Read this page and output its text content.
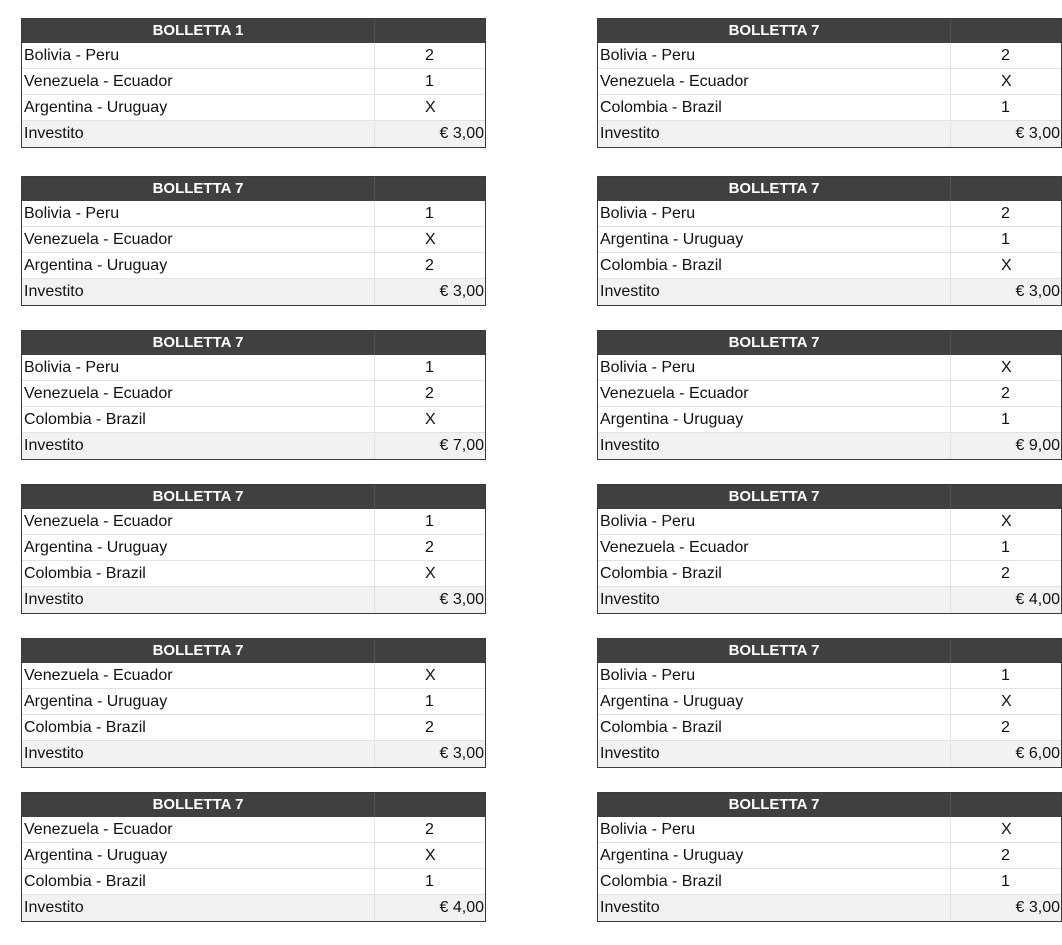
BOLLETTA 1
Bolivia - Peru	2
Venezuela - Ecuador	1
Argentina - Uruguay	X
Investito	€ 3,00
BOLLETTA 7
Bolivia - Peru	2
Venezuela - Ecuador	X
Colombia - Brazil	1
Investito	€ 3,00
BOLLETTA 7
Bolivia - Peru	1
Venezuela - Ecuador	X
Argentina - Uruguay	2
Investito	€ 3,00
BOLLETTA 7
Bolivia - Peru	2
Argentina - Uruguay	1
Colombia - Brazil	X
Investito	€ 3,00
BOLLETTA 7
Bolivia - Peru	1
Venezuela - Ecuador	2
Colombia - Brazil	X
Investito	€ 7,00
BOLLETTA 7
Bolivia - Peru	X
Venezuela - Ecuador	2
Argentina - Uruguay	1
Investito	€ 9,00
BOLLETTA 7
Venezuela - Ecuador	1
Argentina - Uruguay	2
Colombia - Brazil	X
Investito	€ 3,00
BOLLETTA 7
Bolivia - Peru	X
Venezuela - Ecuador	1
Colombia - Brazil	2
Investito	€ 4,00
BOLLETTA 7
Venezuela - Ecuador	X
Argentina - Uruguay	1
Colombia - Brazil	2
Investito	€ 3,00
BOLLETTA 7
Bolivia - Peru	1
Argentina - Uruguay	X
Colombia - Brazil	2
Investito	€ 6,00
BOLLETTA 7
Venezuela - Ecuador	2
Argentina - Uruguay	X
Colombia - Brazil	1
Investito	€ 4,00
BOLLETTA 7
Bolivia - Peru	X
Argentina - Uruguay	2
Colombia - Brazil	1
Investito	€ 3,00
